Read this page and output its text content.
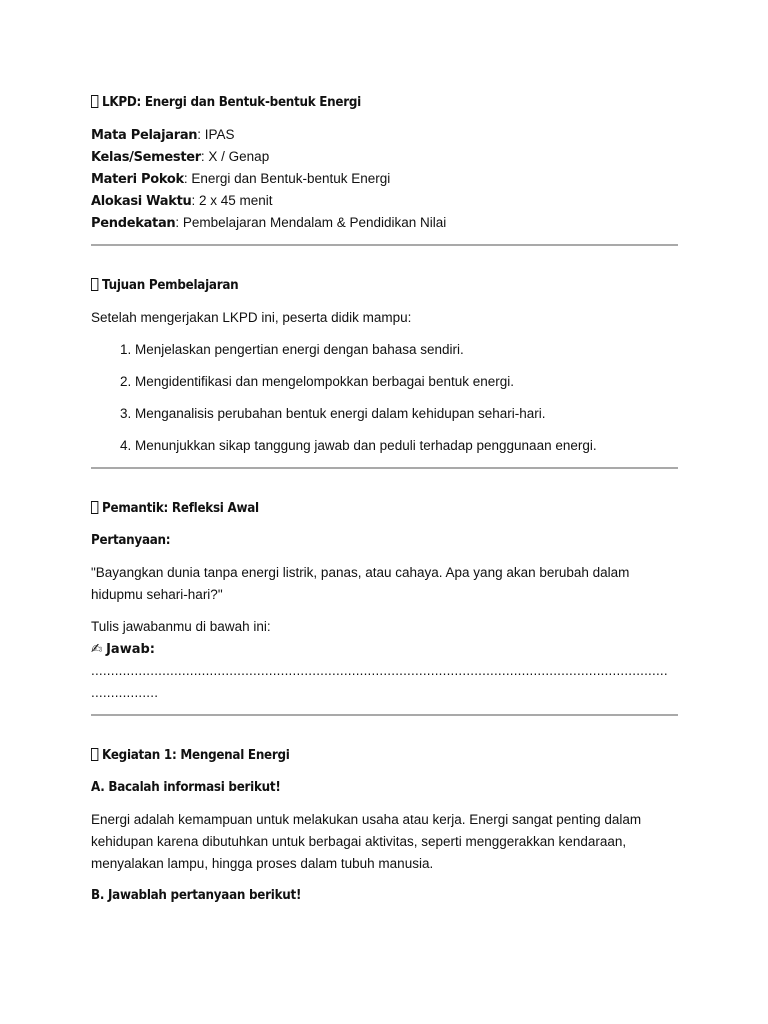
LKPD: Energi dan Bentuk-bentuk Energi
Mata Pelajaran: IPAS
Kelas/Semester: X / Genap
Materi Pokok: Energi dan Bentuk-bentuk Energi
Alokasi Waktu: 2 x 45 menit
Pendekatan: Pembelajaran Mendalam & Pendidikan Nilai
Tujuan Pembelajaran

Setelah mengerjakan LKPD ini, peserta didik mampu:

1. Menjelaskan pengertian energi dengan bahasa sendiri.
2. Mengidentifikasi dan mengelompokkan berbagai bentuk energi.
3. Menganalisis perubahan bentuk energi dalam kehidupan sehari-hari.
4. Menunjukkan sikap tanggung jawab dan peduli terhadap penggunaan energi.
Pemantik: Refleksi Awal
Pertanyaan:

"Bayangkan dunia tanpa energi listrik, panas, atau cahaya. Apa yang akan berubah dalam

hidupmu sehari-hari?"

Tulis jawabanmu di bawah ini:

✍ Jawab:
..................................................................................................................................................
.................
Kegiatan 1: Mengenal Energi
A. Bacalah informasi berikut!

Energi adalah kemampuan untuk melakukan usaha atau kerja. Energi sangat penting dalam

kehidupan karena dibutuhkan untuk berbagai aktivitas, seperti menggerakkan kendaraan,

menyalakan lampu, hingga proses dalam tubuh manusia.

B. Jawablah pertanyaan berikut!
